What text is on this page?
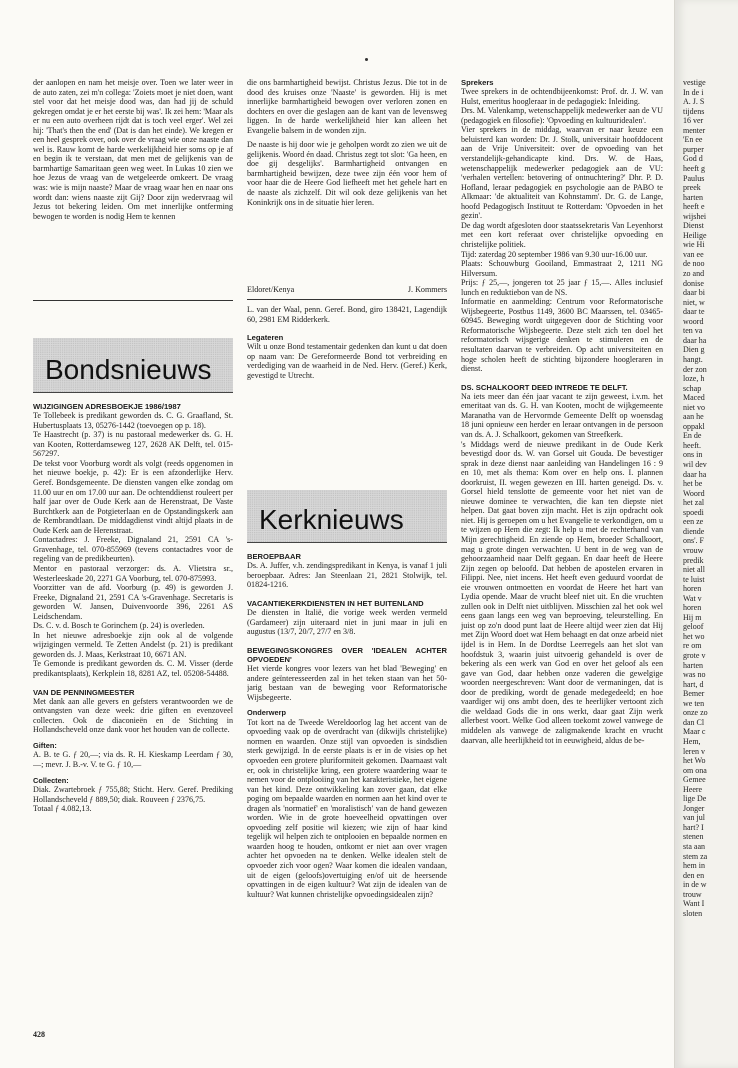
der aanlopen en nam het meisje over. Toen we later weer in de auto zaten, zei m'n collega: 'Zoiets moet je niet doen, want stel voor dat het meisje dood was, dan had jij de schuld gekregen omdat je er het eerste bij was'. Ik zei hem: 'Maar als er nu een auto overheen rijdt dat is toch veel erger'. Wel zei hij: 'That's then the end' (Dat is dan het einde). We kregen er een heel gesprek over, ook over de vraag wie onze naaste dan wel is. Rauw komt de harde werkelijkheid hier soms op je af en begin ik te verstaan, dat men met de gelijkenis van de barmhartige Samaritaan geen weg weet. In Lukas 10 zien we hoe Jezus de vraag van de wetgeleerde omkeert. De vraag was: wie is mijn naaste? Maar de vraag waar hen en naar ons wordt dan: wiens naaste zijt Gij? Door zijn wedervraag wil Jezus tot bekering leiden. Om met innerlijke ontferming bewogen te worden is nodig Hem te kennen

die ons barmhartigheid bewijst. Christus Jezus. Die tot in de dood des kruises onze 'Naaste' is geworden. Hij is met innerlijke barmhartigheid bewogen over verloren zonen en dochters en over die geslagen aan de kant van de levensweg liggen. In de harde werkelijkheid hier kan alleen het Evangelie balsem in de wonden zijn.

De naaste is hij door wie je geholpen wordt zo zien we uit de gelijkenis. Woord én daad. Christus zegt tot slot: 'Ga heen, en doe gij desgelijks'. Barmhartigheid ontvangen en barmhartigheid bewijzen, deze twee zijn één voor hem of voor haar die de Heere God liefheeft met het gehele hart en de naaste als zichzelf. Dit wil ook deze gelijkenis van het Koninkrijk ons in de situatie hier leren.

Eldoret/Kenya	J. Kommers
Bondsnieuws
WIJZIGINGEN ADRESBOEKJE 1986/1987

Te Tollebeek is predikant geworden ds. C. G. Graafland, St. Hubertusplaats 13, 05276-1442 (toevoegen op p. 18).

Te Haastrecht (p. 37) is nu pastoraal medewerker ds. G. H. van Kooten, Rotterdamseweg 127, 2628 AK Delft, tel. 015-567297.

De tekst voor Voorburg wordt als volgt (reeds opgenomen in het nieuwe boekje, p. 42): Er is een afzonderlijke Herv. Geref. Bondsgemeente. De diensten vangen elke zondag om 11.00 uur en om 17.00 uur aan. De ochtenddienst rouleert per half jaar over de Oude Kerk aan de Herenstraat, De Vaste Burchtkerk aan de Potgieterlaan en de Opstandingskerk aan de Rembrandtlaan. De middagdienst vindt altijd plaats in de Oude Kerk aan de Herenstraat.

Contactadres: J. Freeke, Dignaland 21, 2591 CA 's-Gravenhage, tel. 070-855969 (tevens contactadres voor de regeling van de predikbeurten).

Mentor en pastoraal verzorger: ds. A. Vlietstra sr., Westerleeskade 20, 2271 GA Voorburg, tel. 070-875993.

Voorzitter van de afd. Voorburg (p. 49) is geworden J. Freeke, Dignaland 21, 2591 CA 's-Gravenhage. Secretaris is geworden W. Jansen, Duivenvoorde 396, 2261 AS Leidschendam.

Ds. C. v. d. Bosch te Gorinchem (p. 24) is overleden.

In het nieuwe adresboekje zijn ook al de volgende wijzigingen vermeld. Te Zetten Andelst (p. 21) is predikant geworden ds. J. Maas, Kerkstraat 10, 6671 AN.

Te Gemonde is predikant geworden ds. C. M. Visser (derde predikantsplaats), Kerkplein 18, 8281 AZ, tel. 05208-54488.

VAN DE PENNINGMEESTER

Met dank aan alle gevers en gefsters verantwoorden we de ontvangsten van deze week: drie giften en evenzoveel collecten. Ook de diaconieën en de Stichting in Hollandscheveld onze dank voor het houden van de collecte.

Giften:

A. B. te G. ƒ 20,—; via ds. R. H. Kieskamp Leerdam ƒ 30,—; mevr. J. B.-v. V. te G. ƒ 10,—

Collecten:

Diak. Zwartebroek ƒ 755,88; Sticht. Herv. Geref. Prediking Hollandscheveld ƒ 889,50; diak. Rouveen ƒ 2376,75.

Totaal ƒ 4.082,13.

L. van der Waal, penn. Geref. Bond, giro 138421, Lagendijk 60, 2981 EM Ridderkerk.

Legateren

Wilt u onze Bond testamentair gedenken dan kunt u dat doen op naam van: De Gereformeerde Bond tot verbreiding en verdediging van de waarheid in de Ned. Herv. (Geref.) Kerk, gevestigd te Utrecht.

Kerknieuws
BEROEPBAAR

Ds. A. Juffer, v.h. zendingspredikant in Kenya, is vanaf 1 juli beroepbaar. Adres: Jan Steenlaan 21, 2821 Stolwijk, tel. 01824-1216.

VACANTIEKERKDIENSTEN IN HET BUITENLAND

De diensten in Italië, die vorige week werden vermeld (Gardameer) zijn uiteraard niet in juni maar in juli en augustus (13/7, 20/7, 27/7 en 3/8.

BEWEGINGSKONGRES OVER 'IDEALEN ACHTER OPVOEDEN'

Het vierde kongres voor lezers van het blad 'Beweging' en andere geïnteresseerden zal in het teken staan van het 50-jarig bestaan van de beweging voor Reformatorische Wijsbegeerte.

Onderwerp

Tot kort na de Tweede Wereldoorlog lag het accent van de opvoeding vaak op de overdracht van (dikwijls christelijke) normen en waarden. Onze stijl van opvoeden is sindsdien sterk gewijzigd. In de eerste plaats is er in de visies op het opvoeden een grotere pluriformiteit gekomen. Daarnaast valt er, ook in christelijke kring, een grotere waardering waar te nemen voor de ontplooiing van het karakteristieke, het eigene van het kind. Deze ontwikkeling kan zover gaan, dat elke poging om bepaalde waarden en normen aan het kind over te dragen als 'normatief' en 'moralistisch' van de hand gewezen worden. Wie in de grote hoeveelheid opvattingen over opvoeding zelf positie wil kiezen; wie zijn of haar kind tegelijk wil helpen zich te ontplooien en bepaalde normen en waarden hoog te houden, ontkomt er niet aan over vragen achter het opvoeden na te denken. Welke idealen stelt de opvoeder zich voor ogen? Waar komen die idealen vandaan, uit de eigen (geloofs)overtuiging en/of uit de heersende opvattingen in de eigen kultuur? Wat zijn de idealen van de kultuur? Wat kunnen christelijke opvoedingsidealen zijn?

Sprekers

Twee sprekers in de ochtendbijeenkomst: Prof. dr. J. W. van Hulst, emeritus hoogleraar in de pedagogiek: Inleiding.

Drs. M. Valenkamp, wetenschappelijk medewerker aan de VU (pedagogiek en filosofie): 'Opvoeding en kultuuridealen'.

Vier sprekers in de middag, waarvan er naar keuze een beluisterd kan worden: Dr. J. Stolk, universitair hoofddocent aan de Vrije Universiteit: over de opvoeding van het verstandelijk-gehandicapte kind. Drs. W. de Haas, wetenschappelijk medewerker pedagogiek aan de VU: 'verhalen vertellen: betovering of ontnuchtering?' Dhr. P. D. Hofland, leraar pedagogiek en psychologie aan de PABO te Alkmaar: 'de aktualiteit van Kohnstamm'. Dr. G. de Lange, hoofd Pedagogisch Instituut te Rotterdam: 'Opvoeden in het gezin'.

De dag wordt afgesloten door staatssekretaris Van Leyenhorst met een kort referaat over christelijke opvoeding en christelijke politiek.

Tijd: zaterdag 20 september 1986 van 9.30 uur-16.00 uur.

Plaats: Schouwburg Gooiland, Emmastraat 2, 1211 NG Hilversum.

Prijs: ƒ 25,—, jongeren tot 25 jaar ƒ 15,—. Alles inclusief lunch en reduktiebon van de NS.

Informatie en aanmelding: Centrum voor Reformatorische Wijsbegeerte, Postbus 1149, 3600 BC Maarssen, tel. 03465-60945. Beweging wordt uitgegeven door de Stichting voor Reformatorische Wijsbegeerte. Deze stelt zich ten doel het reformatorisch wijsgerige denken te stimuleren en de resultaten daarvan te verbreiden. Op acht universiteiten en hoge scholen heeft de stichting bijzondere hoogleraren in dienst.

DS. SCHALKOORT DEED INTREDE TE DELFT.

Na iets meer dan één jaar vacant te zijn geweest, i.v.m. het emeritaat van ds. G. H. van Kooten, mocht de wijkgemeente Maranatha van de Hervormde Gemeente Delft op woensdag 18 juni opnieuw een herder en leraar ontvangen in de persoon van ds. A. J. Schalkoort, gekomen van Streefkerk.

's Middags werd de nieuwe predikant in de Oude Kerk bevestigd door ds. W. van Gorsel uit Gouda. De bevestiger sprak in deze dienst naar aanleiding van Handelingen 16 : 9 en 10, met als thema: Kom over en help ons. I. plannen doorkruist, II. wegen gewezen en III. harten geneigd. Ds. v. Gorsel hield tenslotte de gemeente voor het niet van de nieuwe dominee te verwachten, die kan ten diepste niet helpen. Dat gaat boven zijn macht. Het is zijn opdracht ook niet. Hij is geroepen om u het Evangelie te verkondigen, om u te wijzen op Hem die zegt: Ik help u met de rechterhand van Mijn gerechtigheid. En ziende op Hem, broeder Schalkoort, mag u grote dingen verwachten. U bent in de weg van de gehoorzaamheid naar Delft gegaan. En daar heeft de Heere Zijn zegen op beloofd. Dat hebben de apostelen ervaren in Filippi. Nee, niet incens. Het heeft even geduurd voordat de eie vrouwen ontmoetten en voordat de Heere het hart van Lydia opende. Maar de vrucht bleef niet uit. En die vruchten zullen ook in Delft niet uitblijven. Misschien zal het ook wel eens gaan langs een weg van beproeving, teleurstelling. En juist op zo'n dood punt laat de Heere altijd weer zien dat Hij met Zijn Woord doet wat Hem behaagt en dat onze arbeid niet ijdel is in Hem. In de Dordtse Leerregels aan het slot van hoofdstuk 3, waarin juist uitvoerig gehandeld is over de bekering als een werk van God en over het geloof als een gave van God, daar hebben onze vaderen die gewelgige woorden neergeschreven: Want door de vermaningen, dat is door de prediking, wordt de genade medegedeeld; en hoe vaardiger wij ons ambt doen, des te heerlijker vertoont zich die weldaad Gods die in ons werkt, daar gaat Zijn werk allerbest voort. Welke God alleen toekomt zowel vanwege de middelen als vanwege de zaligmakende kracht en vrucht daarvan, alle heerlijkheid tot in eeuwigheid, aldus de be-

428
vestige
In de i
A. J. S
tijdens
16 ver
menter
'En ee
purper
God d
heeft g
Paulus
preek
harten
heeft e
wijshei
Dienst
Heilige
wie Hi
van ee
de noo
zo and
donise
daar bi
niet, w
daar te
woord
ten va
daar ha
Dien g
hangt.
der zon
loze, h
schap
Maced
niet vo
aan he
oppakl
En de
heeft.
ons in
wil dev
daar ha
het be
Woord
het zal
spoedi
een ze
diende
ons'. F
vrouw
predik
niet all
te luist
horen
Wat v
horen
Hij m
geloof
het wo
re om
grote v
harten
was no
hart, d
Bemer
we ten
onze zo
dan Cl
Maar c
Hem,
leren v
het Wo
om ona
Gemee
Heere
lige De
Jonger
van jul
hart? I
stenen
sta aan
stem za
hem in
den en
in de w
trouw
Want I
sloten
